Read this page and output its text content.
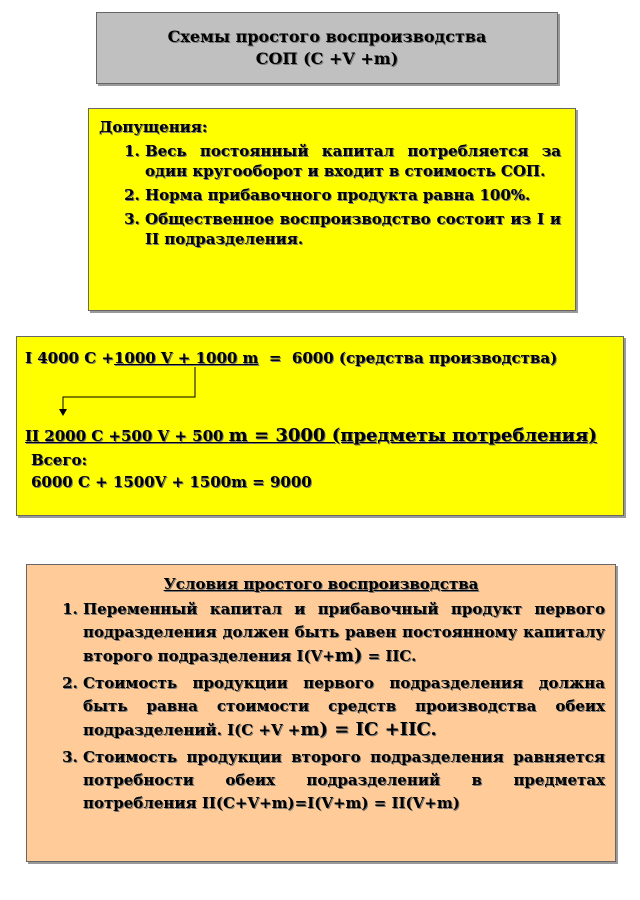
Схемы простого воспроизводства
СОП (С +V +m)
Допущения:
1. Весь постоянный капитал потребляется за один кругооборот и входит в стоимость СОП.
2. Норма прибавочного продукта равна 100%.
3. Общественное воспроизводство состоит из I и II подразделения.
I 4000 С +1000 V + 1000 m  =  6000 (средства производства)
II 2000 С +500 V + 500 m = 3000 (предметы потребления)
Всего:
6000 С + 1500V + 1500m = 9000
Условия простого воспроизводства
1. Переменный капитал и прибавочный продукт первого подразделения должен быть равен постоянному капиталу второго подразделения I(V+m) = IIC.
2. Стоимость продукции первого подразделения должна быть равна стоимости средств производства обеих подразделений. I(C +V +m) = IC +IIC.
3. Стоимость продукции второго подразделения равняется потребности обеих подразделений в предметах потребления II(C+V+m)=I(V+m) = II(V+m)
